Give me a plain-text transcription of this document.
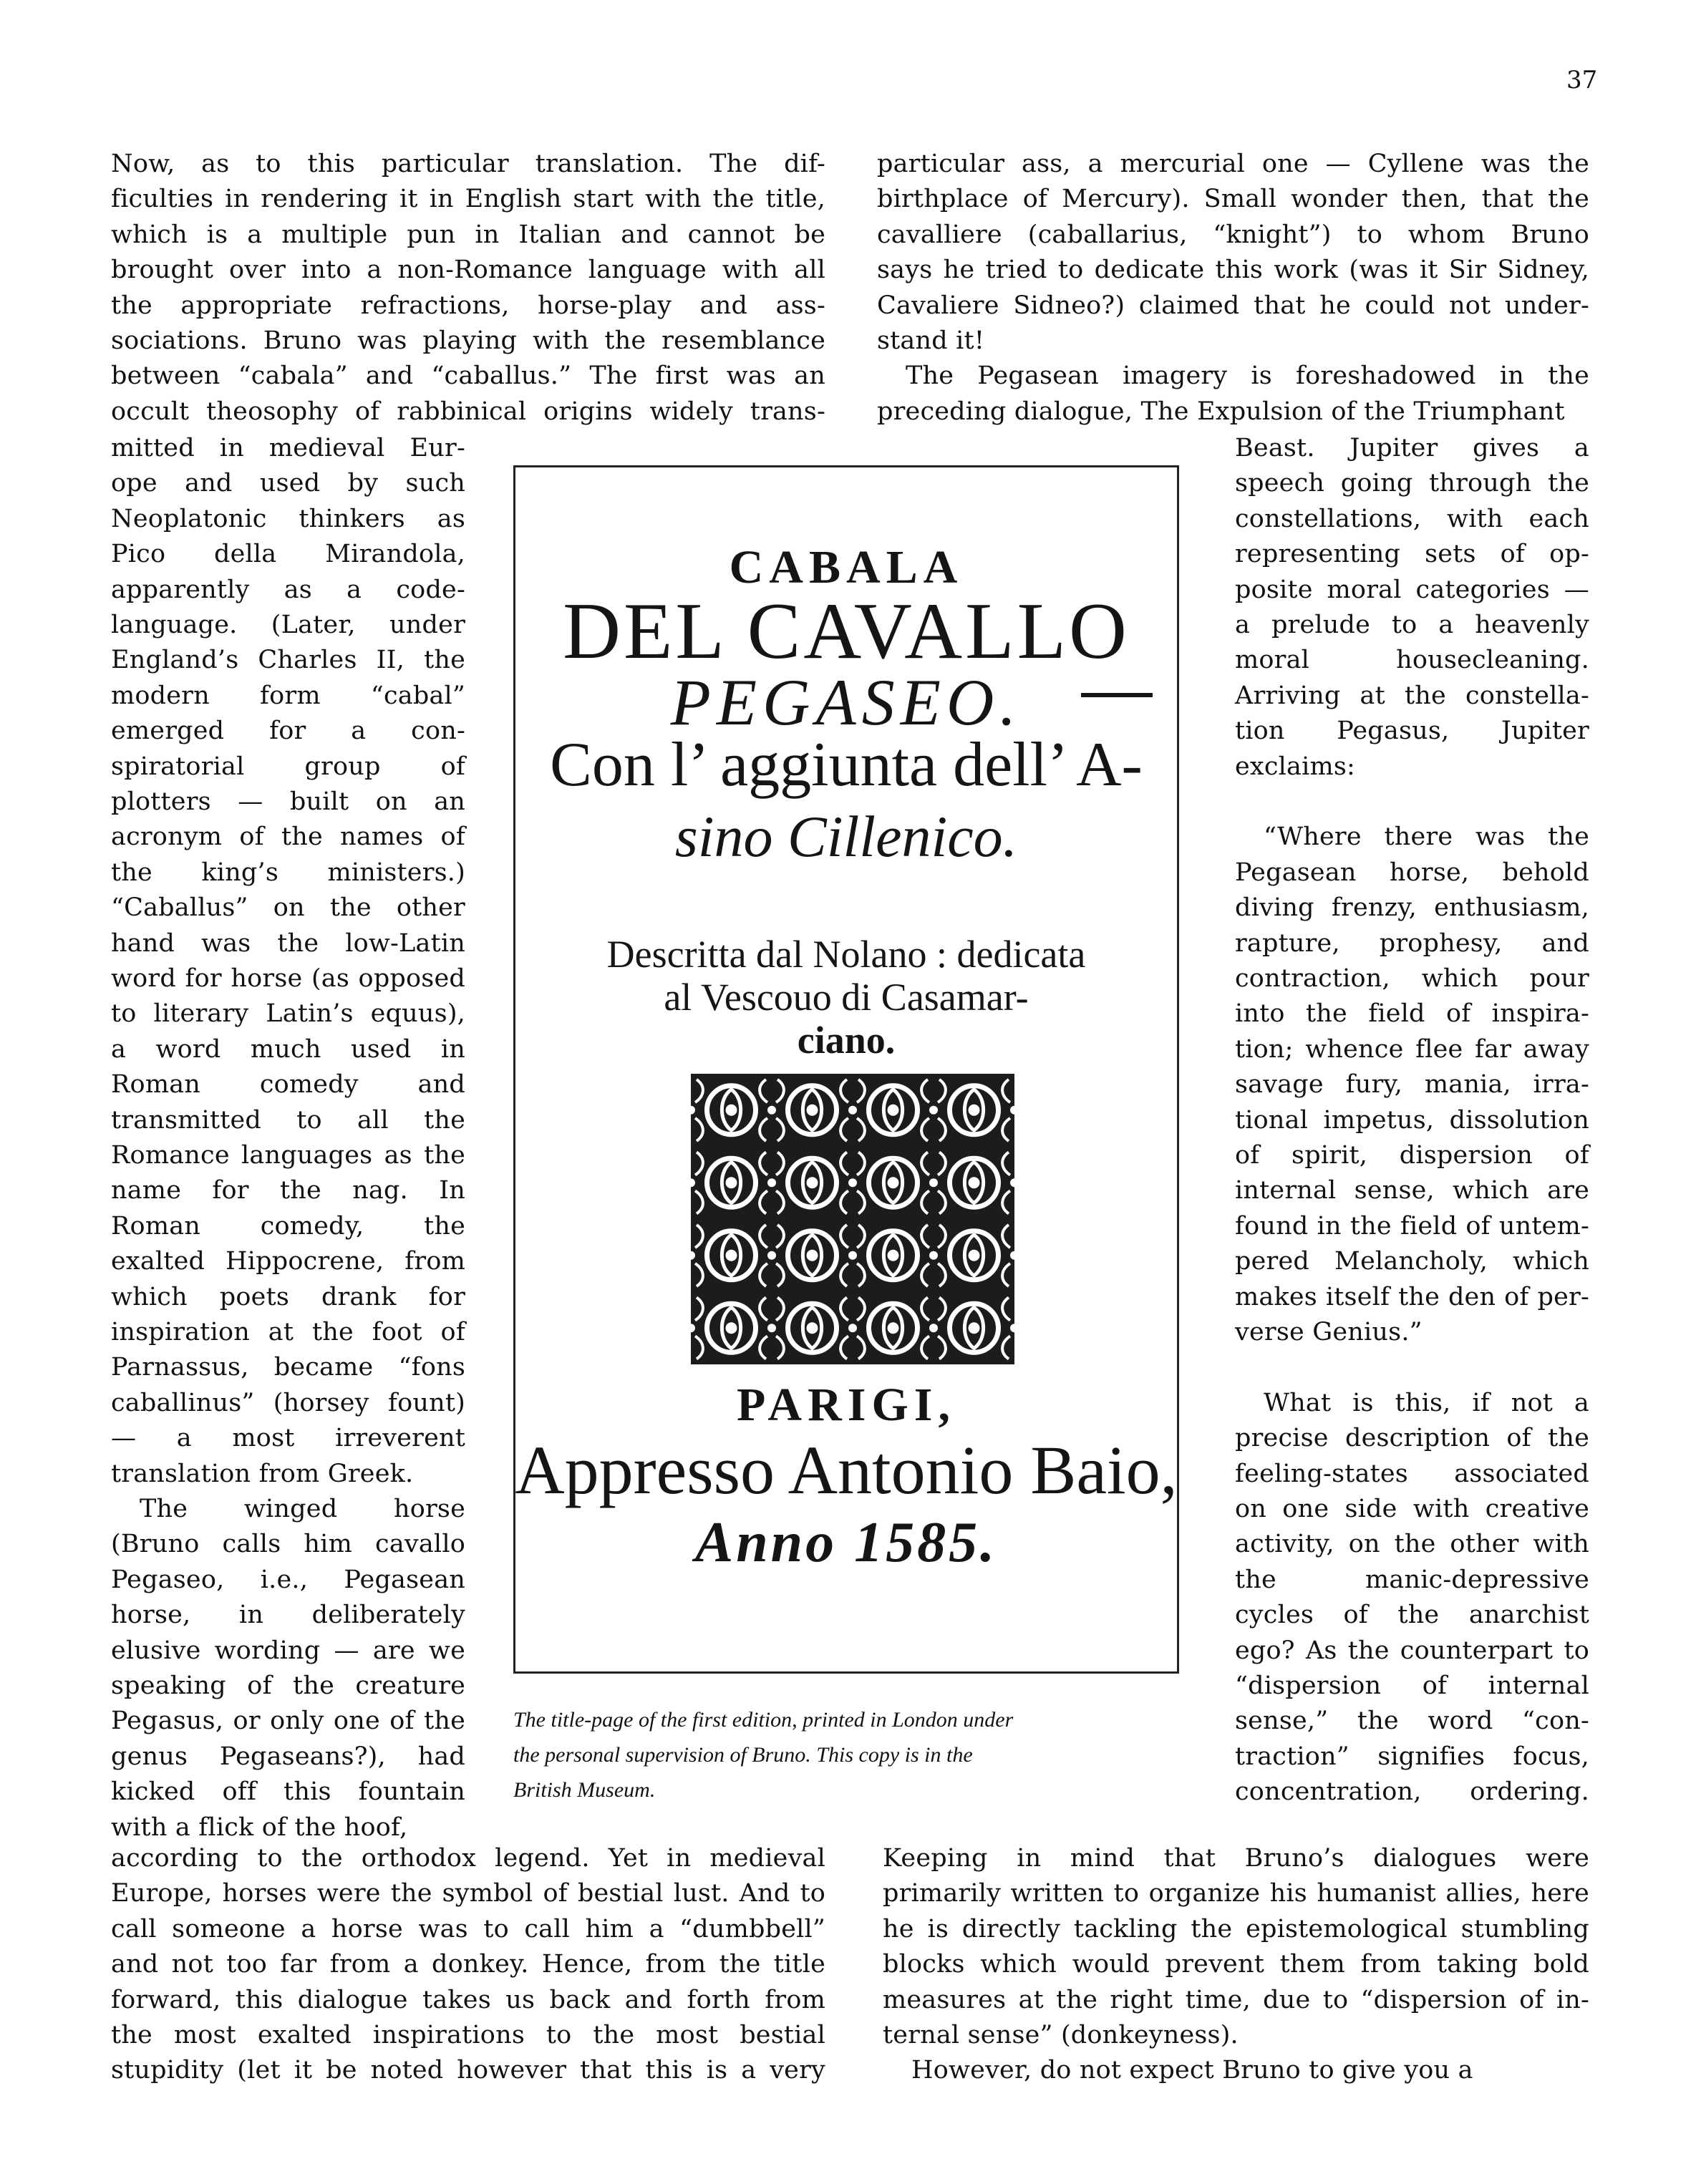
37
Now, as to this particular translation. The dif-
ficulties in rendering it in English start with the title,
which is a multiple pun in Italian and cannot be
brought over into a non-Romance language with all
the appropriate refractions, horse-play and ass-
sociations. Bruno was playing with the resemblance
between “cabala” and “caballus.” The first was an
occult theosophy of rabbinical origins widely trans-
mitted in medieval Eur-
ope and used by such
Neoplatonic thinkers as
Pico della Mirandola,
apparently as a code-
language. (Later, under
England’s Charles II, the
modern form “cabal”
emerged for a con-
spiratorial group of
plotters — built on an
acronym of the names of
the king’s ministers.)
“Caballus” on the other
hand was the low-Latin
word for horse (as opposed
to literary Latin’s equus),
a word much used in
Roman comedy and
transmitted to all the
Romance languages as the
name for the nag. In
Roman comedy, the
exalted Hippocrene, from
which poets drank for
inspiration at the foot of
Parnassus, became “fons
caballinus” (horsey fount)
— a most irreverent
translation from Greek.
The winged horse
(Bruno calls him cavallo
Pegaseo, i.e., Pegasean
horse, in deliberately
elusive wording — are we
speaking of the creature
Pegasus, or only one of the
genus Pegaseans?), had
kicked off this fountain
with a flick of the hoof,
according to the orthodox legend. Yet in medieval
Europe, horses were the symbol of bestial lust. And to
call someone a horse was to call him a “dumbbell”
and not too far from a donkey. Hence, from the title
forward, this dialogue takes us back and forth from
the most exalted inspirations to the most bestial
stupidity (let it be noted however that this is a very
particular ass, a mercurial one — Cyllene was the
birthplace of Mercury). Small wonder then, that the
cavalliere (caballarius, “knight”) to whom Bruno
says he tried to dedicate this work (was it Sir Sidney,
Cavaliere Sidneo?) claimed that he could not under-
stand it!
The Pegasean imagery is foreshadowed in the
preceding dialogue, The Expulsion of the Triumphant
Beast. Jupiter gives a
speech going through the
constellations, with each
representing sets of op-
posite moral categories —
a prelude to a heavenly
moral housecleaning.
Arriving at the constella-
tion Pegasus, Jupiter
exclaims:
“Where there was the
Pegasean horse, behold
diving frenzy, enthusiasm,
rapture, prophesy, and
contraction, which pour
into the field of inspira-
tion; whence flee far away
savage fury, mania, irra-
tional impetus, dissolution
of spirit, dispersion of
internal sense, which are
found in the field of untem-
pered Melancholy, which
makes itself the den of per-
verse Genius.”
What is this, if not a
precise description of the
feeling-states associated
on one side with creative
activity, on the other with
the manic-depressive
cycles of the anarchist
ego? As the counterpart to
“dispersion of internal
sense,” the word “con-
traction” signifies focus,
concentration, ordering.
Keeping in mind that Bruno’s dialogues were
primarily written to organize his humanist allies, here
he is directly tackling the epistemological stumbling
blocks which would prevent them from taking bold
measures at the right time, due to “dispersion of in-
ternal sense” (donkeyness).
However, do not expect Bruno to give you a
CABALA
DEL CAVALLO
PEGASEO.
Con l’ aggiunta dell’ A-
sino Cillenico.
Descritta dal Nolano : dedicata
al Vescouo di Casamar-
ciano.
PARIGI,
Appresso Antonio Baio,
Anno 1585.
The title-page of the first edition, printed in London under
the personal supervision of Bruno. This copy is in the
British Museum.
